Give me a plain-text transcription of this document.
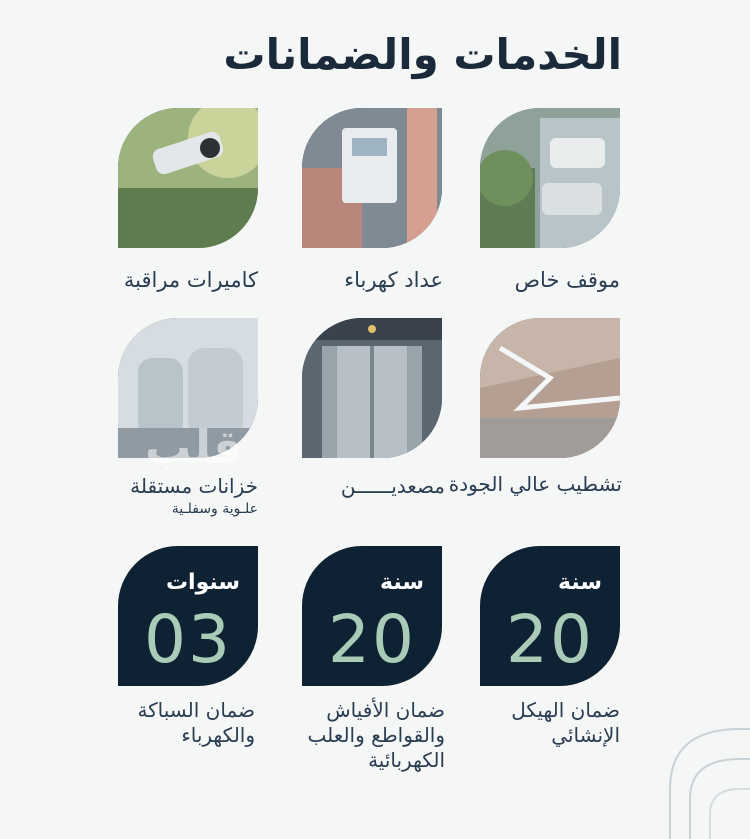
الخدمات والضمانات
موقف خاص
عداد كهرباء
كاميرات مراقبة
قلب
تشطيب عالي الجودة
مصعديــــــن
خزانات مستقلة
علـوية وسفلـية
سنة
20
سنة
20
سنوات
03
ضمان الهيكل الإنشائي
ضمان الأفياش والقواطع والعلب الكهربائية
ضمان السباكة والكهرباء
